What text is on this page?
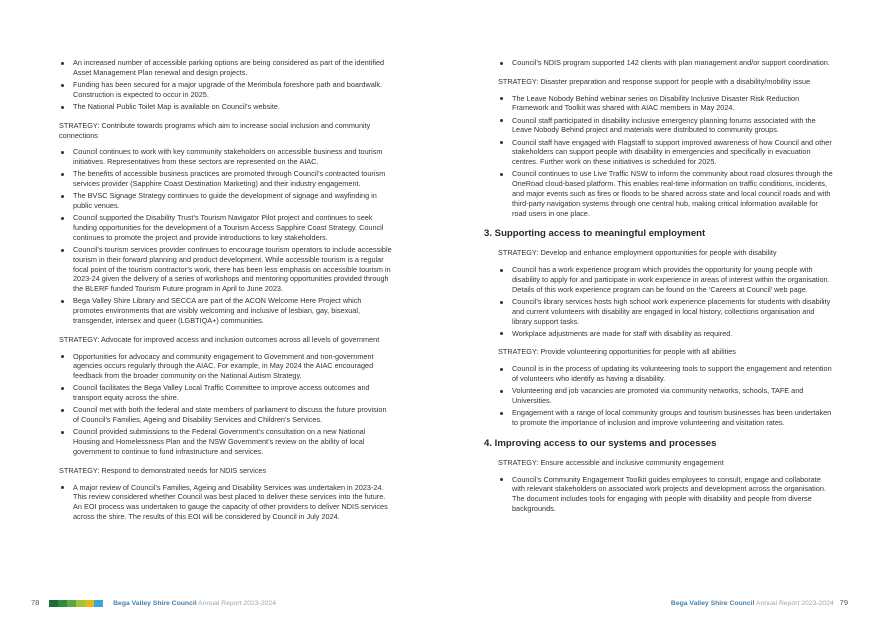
An increased number of accessible parking options are being considered as part of the identified Asset Management Plan renewal and design projects.
Funding has been secured for a major upgrade of the Merimbula foreshore path and boardwalk. Construction is expected to occur in 2025.
The National Public Toilet Map is available on Council’s website.

STRATEGY: Contribute towards programs which aim to increase social inclusion and community connections

Council continues to work with key community stakeholders on accessible business and tourism initiatives. Representatives from these sectors are represented on the AIAC.
The benefits of accessible business practices are promoted through Council’s contracted tourism services provider (Sapphire Coast Destination Marketing) and their industry engagement.
The BVSC Signage Strategy continues to guide the development of signage and wayfinding in public venues.
Council supported the Disability Trust’s Tourism Navigator Pilot project and continues to seek funding opportunities for the development of a Tourism Access Sapphire Coast Strategy. Council continues to promote the project and provide introductions to key stakeholders.
Council’s tourism services provider continues to encourage tourism operators to include accessible tourism in their forward planning and product development. While accessible tourism is a regular focal point of the tourism contractor’s work, there has been less emphasis on accessible tourism in 2023-24 given the delivery of a series of workshops and mentoring opportunities provided through the BLERF funded Tourism Future program in April to June 2023.
Bega Valley Shire Library and SECCA are part of the ACON Welcome Here Project which promotes environments that are visibly welcoming and inclusive of lesbian, gay, bisexual, transgender, intersex and queer (LGBTIQA+) communities.

STRATEGY: Advocate for improved access and inclusion outcomes across all levels of government

Opportunities for advocacy and community engagement to Government and non-government agencies occurs regularly through the AIAC. For example, in May 2024 the AIAC encouraged feedback from the broader community on the National Autism Strategy.
Council facilitates the Bega Valley Local Traffic Committee to improve access outcomes and transport equity across the shire.
Council met with both the federal and state members of parliament to discuss the future provision of Council’s Families, Ageing and Disability Services and Children’s Services.
Council provided submissions to the Federal Government’s consultation on a new National Housing and Homelessness Plan and the NSW Government’s review on the ability of local government to continue to fund infrastructure and services.

STRATEGY: Respond to demonstrated needs for NDIS services

A major review of Council’s Families, Ageing and Disability Services was undertaken in 2023-24. This review considered whether Council was best placed to deliver these services into the future. An EOI process was undertaken to gauge the capacity of other providers to deliver NDIS services across the shire. The results of this EOI will be considered by Council in July 2024.
Council’s NDIS program supported 142 clients with plan management and/or support coordination.

STRATEGY: Disaster preparation and response support for people with a disability/mobility issue

The Leave Nobody Behind webinar series on Disability Inclusive Disaster Risk Reduction Framework and Toolkit was shared with AIAC members in May 2024.
Council staff participated in disability inclusive emergency planning forums associated with the Leave Nobody Behind project and materials were distributed to community groups.
Council staff have engaged with Flagstaff to support improved awareness of how Council and other stakeholders can support people with disability in emergencies and specifically in evacuation centres. Further work on these initiatives is scheduled for 2025.
Council continues to use Live Traffic NSW to inform the community about road closures through the OneRoad cloud-based platform. This enables real-time information on traffic conditions, incidents, and major events such as fires or floods to be shared across state and local council roads and with third-party navigation systems through one central hub, making critical information available for road users in one place.
3. Supporting access to meaningful employment

STRATEGY: Develop and enhance employment opportunities for people with disability

Council has a work experience program which provides the opportunity for young people with disability to apply for and participate in work experience in areas of interest within the organisation. Details of this work experience program can be found on the ‘Careers at Council’ web page.
Council’s library services hosts high school work experience placements for students with disability and current volunteers with disability are engaged in local history, collections organisation and library support tasks.
Workplace adjustments are made for staff with disability as required.

STRATEGY: Provide volunteering opportunities for people with all abilities

Council is in the process of updating its volunteering tools to support the engagement and retention of volunteers who identify as having a disability.
Volunteering and job vacancies are promoted via community networks, schools, TAFE and Universities.
Engagement with a range of local community groups and tourism businesses has been undertaken to promote the importance of inclusion and improve volunteering and visitation rates.
4. Improving access to our systems and processes

STRATEGY: Ensure accessible and inclusive community engagement

Council’s Community Engagement Toolkit guides employees to consult, engage and collaborate with relevant stakeholders on associated work projects and development across the organisation. The document includes tools for engaging with people with disability and people from diverse backgrounds.
78	Bega Valley Shire Council Annual Report 2023-2024	Bega Valley Shire Council Annual Report 2023-2024 79
